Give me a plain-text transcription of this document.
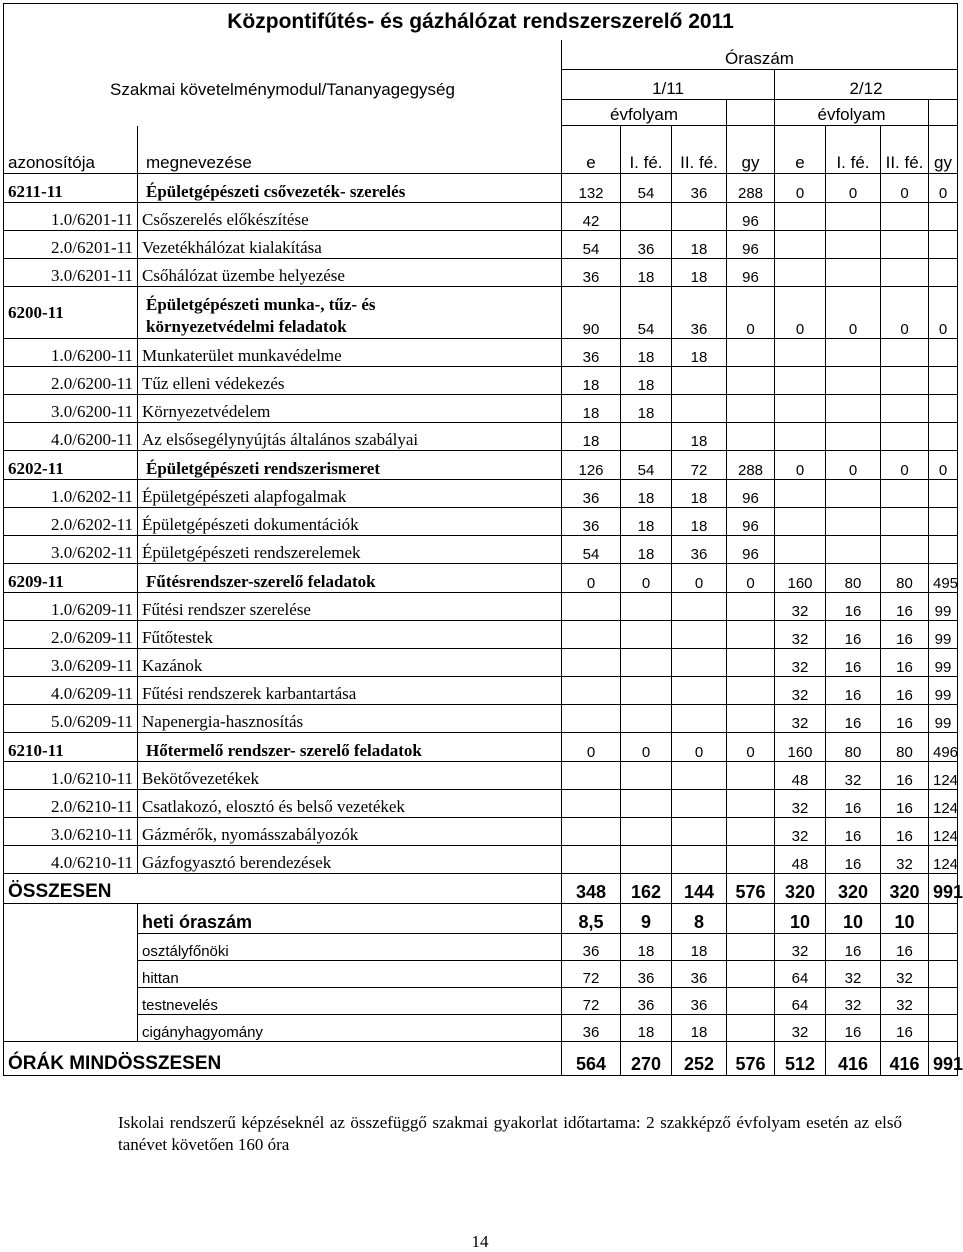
Központifűtés- és gázhálózat rendszerszerelő 2011									
		Óraszám							
Szakmai követelménymodul/Tananyagegység		1/11				2/12			
		évfolyam				évfolyam			
azonosítója	megnevezése	e	I. fé.	II. fé.	gy	e	I. fé.	II. fé.	gy
6211-11	Épületgépészeti csővezeték- szerelés	132	54	36	288	0	0	0	0
1.0/6201-11	Csőszerelés előkészítése	42			96				
2.0/6201-11	Vezetékhálózat kialakítása	54	36	18	96				
3.0/6201-11	Csőhálózat üzembe helyezése	36	18	18	96				
6200-11	Épületgépészeti munka-, tűz- és
környezetvédelmi feladatok	90	54	36	0	0	0	0	0
1.0/6200-11	Munkaterület munkavédelme	36	18	18					
2.0/6200-11	Tűz elleni védekezés	18	18						
3.0/6200-11	Környezetvédelem	18	18						
4.0/6200-11	Az elsősegélynyújtás általános szabályai	18		18					
6202-11	Épületgépészeti rendszerismeret	126	54	72	288	0	0	0	0
1.0/6202-11	Épületgépészeti alapfogalmak	36	18	18	96				
2.0/6202-11	Épületgépészeti dokumentációk	36	18	18	96				
3.0/6202-11	Épületgépészeti rendszerelemek	54	18	36	96				
6209-11	Fűtésrendszer-szerelő feladatok	0	0	0	0	160	80	80	495
1.0/6209-11	Fűtési rendszer szerelése					32	16	16	99
2.0/6209-11	Fűtőtestek					32	16	16	99
3.0/6209-11	Kazánok					32	16	16	99
4.0/6209-11	Fűtési rendszerek karbantartása					32	16	16	99
5.0/6209-11	Napenergia-hasznosítás					32	16	16	99
6210-11	Hőtermelő rendszer- szerelő feladatok	0	0	0	0	160	80	80	496
1.0/6210-11	Bekötővezetékek					48	32	16	124
2.0/6210-11	Csatlakozó, elosztó és belső vezetékek					32	16	16	124
3.0/6210-11	Gázmérők, nyomásszabályozók					32	16	16	124
4.0/6210-11	Gázfogyasztó berendezések					48	16	32	124
ÖSSZESEN		348	162	144	576	320	320	320	991
	heti óraszám	8,5	9	8		10	10	10	
	osztályfőnöki	36	18	18		32	16	16	
	hittan	72	36	36		64	32	32	
	testnevelés	72	36	36		64	32	32	
	cigányhagyomány	36	18	18		32	16	16	
ÓRÁK MINDÖSSZESEN		564	270	252	576	512	416	416	991

Iskolai rendszerű képzéseknél az összefüggő szakmai gyakorlat időtartama: 2 szakképző évfolyam esetén az első tanévet követően 160 óra

14
